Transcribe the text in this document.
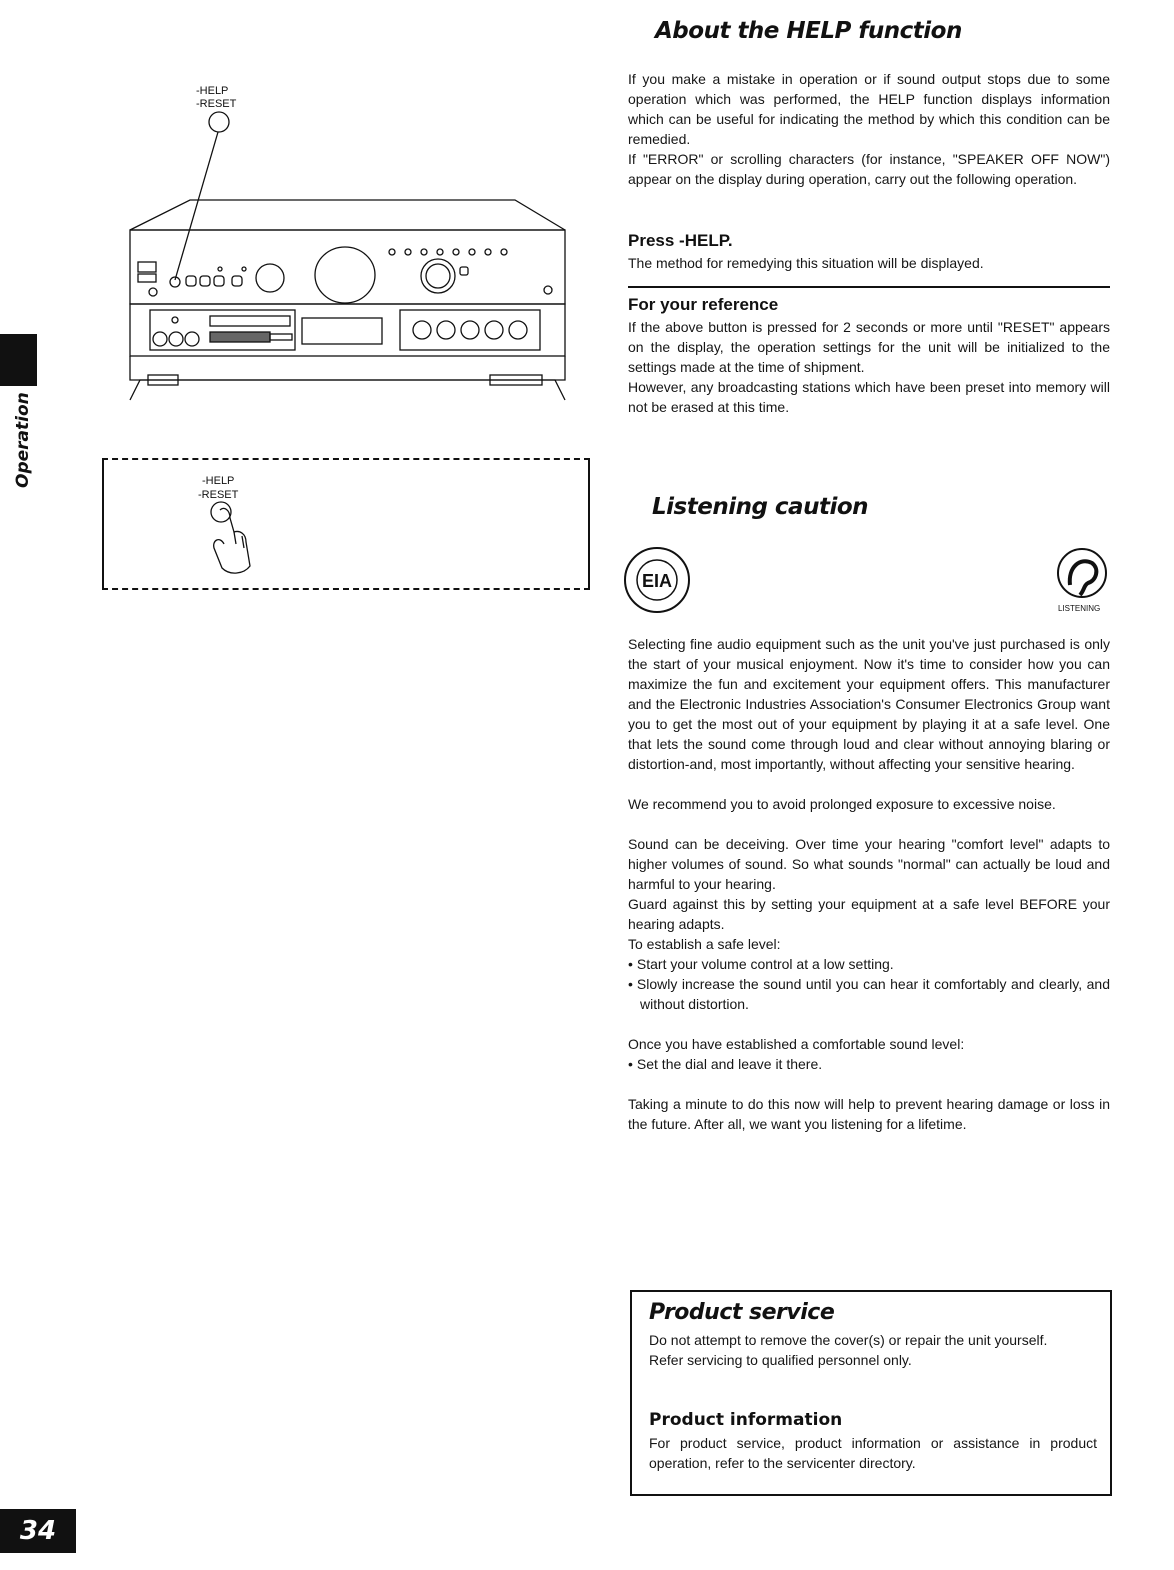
Operation
34
-HELP
-RESET
-HELP
-RESET
About the HELP function

If you make a mistake in operation or if sound output stops due to some operation which was performed, the HELP function displays information which can be useful for indicating the method by which this condition can be remedied.

If "ERROR" or scrolling characters (for instance, "SPEAKER OFF NOW") appear on the display during operation, carry out the following operation.

Press -HELP.
The method for remedying this situation will be displayed.
For your reference

If the above button is pressed for 2 seconds or more until "RESET" appears on the display, the operation settings for the unit will be initialized to the settings made at the time of shipment.

However, any broadcasting stations which have been preset into memory will not be erased at this time.

Listening caution
EIA
LISTENING

Selecting fine audio equipment such as the unit you've just purchased is only the start of your musical enjoyment. Now it's time to consider how you can maximize the fun and excitement your equipment offers. This manufacturer and the Electronic Industries Association's Consumer Electronics Group want you to get the most out of your equipment by playing it at a safe level. One that lets the sound come through loud and clear without annoying blaring or distortion-and, most importantly, without affecting your sensitive hearing.

We recommend you to avoid prolonged exposure to excessive noise.

Sound can be deceiving. Over time your hearing "comfort level" adapts to higher volumes of sound. So what sounds "normal" can actually be loud and harmful to your hearing.

Guard against this by setting your equipment at a safe level BEFORE your hearing adapts.

To establish a safe level:

• Start your volume control at a low setting.

• Slowly increase the sound until you can hear it comfortably and clearly, and without distortion.

Once you have established a comfortable sound level:

• Set the dial and leave it there.

Taking a minute to do this now will help to prevent hearing damage or loss in the future. After all, we want you listening for a lifetime.

Product service

Do not attempt to remove the cover(s) or repair the unit yourself.

Refer servicing to qualified personnel only.

Product information
For product service, product information or assistance in product operation, refer to the servicenter directory.
